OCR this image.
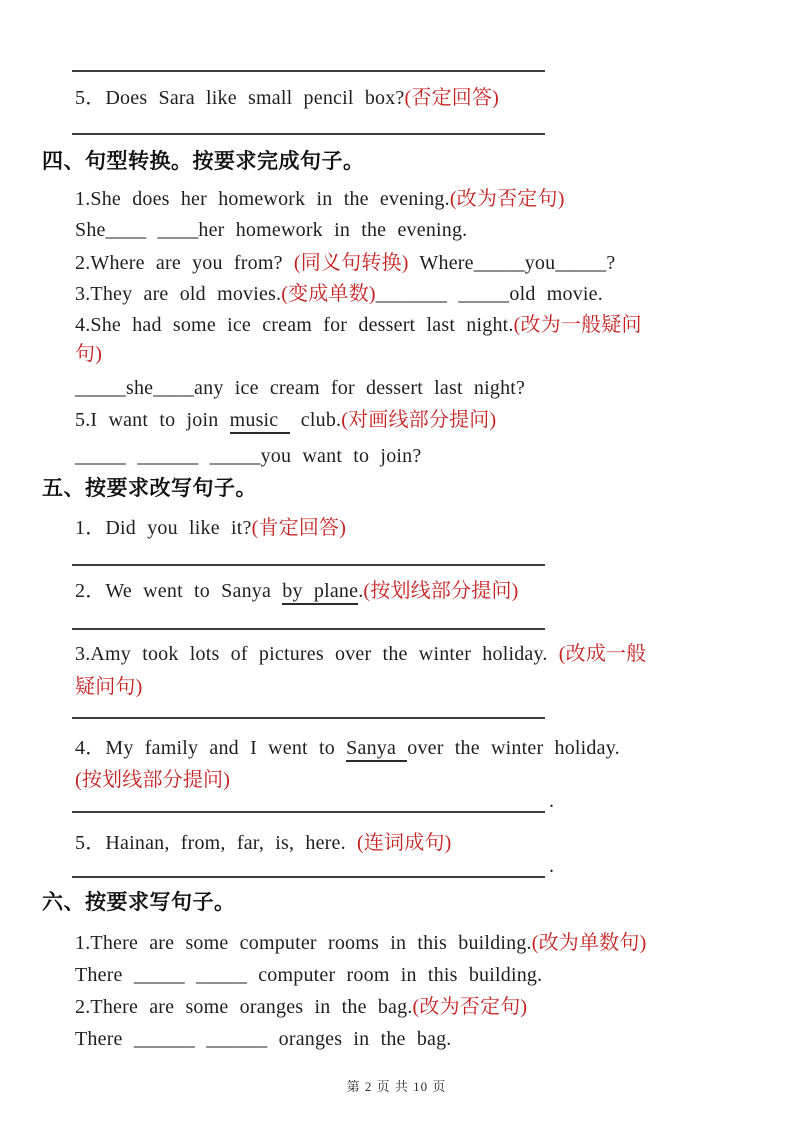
5．Does Sara like small pencil box?(否定回答)
四、句型转换。按要求完成句子。
1.She does her homework in the evening.(改为否定句)
She____ ____her homework in the evening.
2.Where are you from? (同义句转换) Where_____you_____?
3.They are old movies.(变成单数)_______ _____old movie.
4.She had some ice cream for dessert last night.(改为一般疑问
句)
_____she____any ice cream for dessert last night?
5.I want to join music  club.(对画线部分提问)
_____ ______ _____you want to join?
五、按要求改写句子。
1．Did you like it?(肯定回答)
2．We went to Sanya by plane.(按划线部分提问)
3.Amy took lots of pictures over the winter holiday. (改成一般
疑问句)
4．My family and I went to Sanya over the winter holiday.
(按划线部分提问)
.
5．Hainan, from, far, is, here. (连词成句)
.
六、按要求写句子。
1.There are some computer rooms in this building.(改为单数句)
There _____ _____ computer room in this building.
2.There are some oranges in the bag.(改为否定句)
There ______ ______ oranges in the bag.
第 2 页 共 10 页
